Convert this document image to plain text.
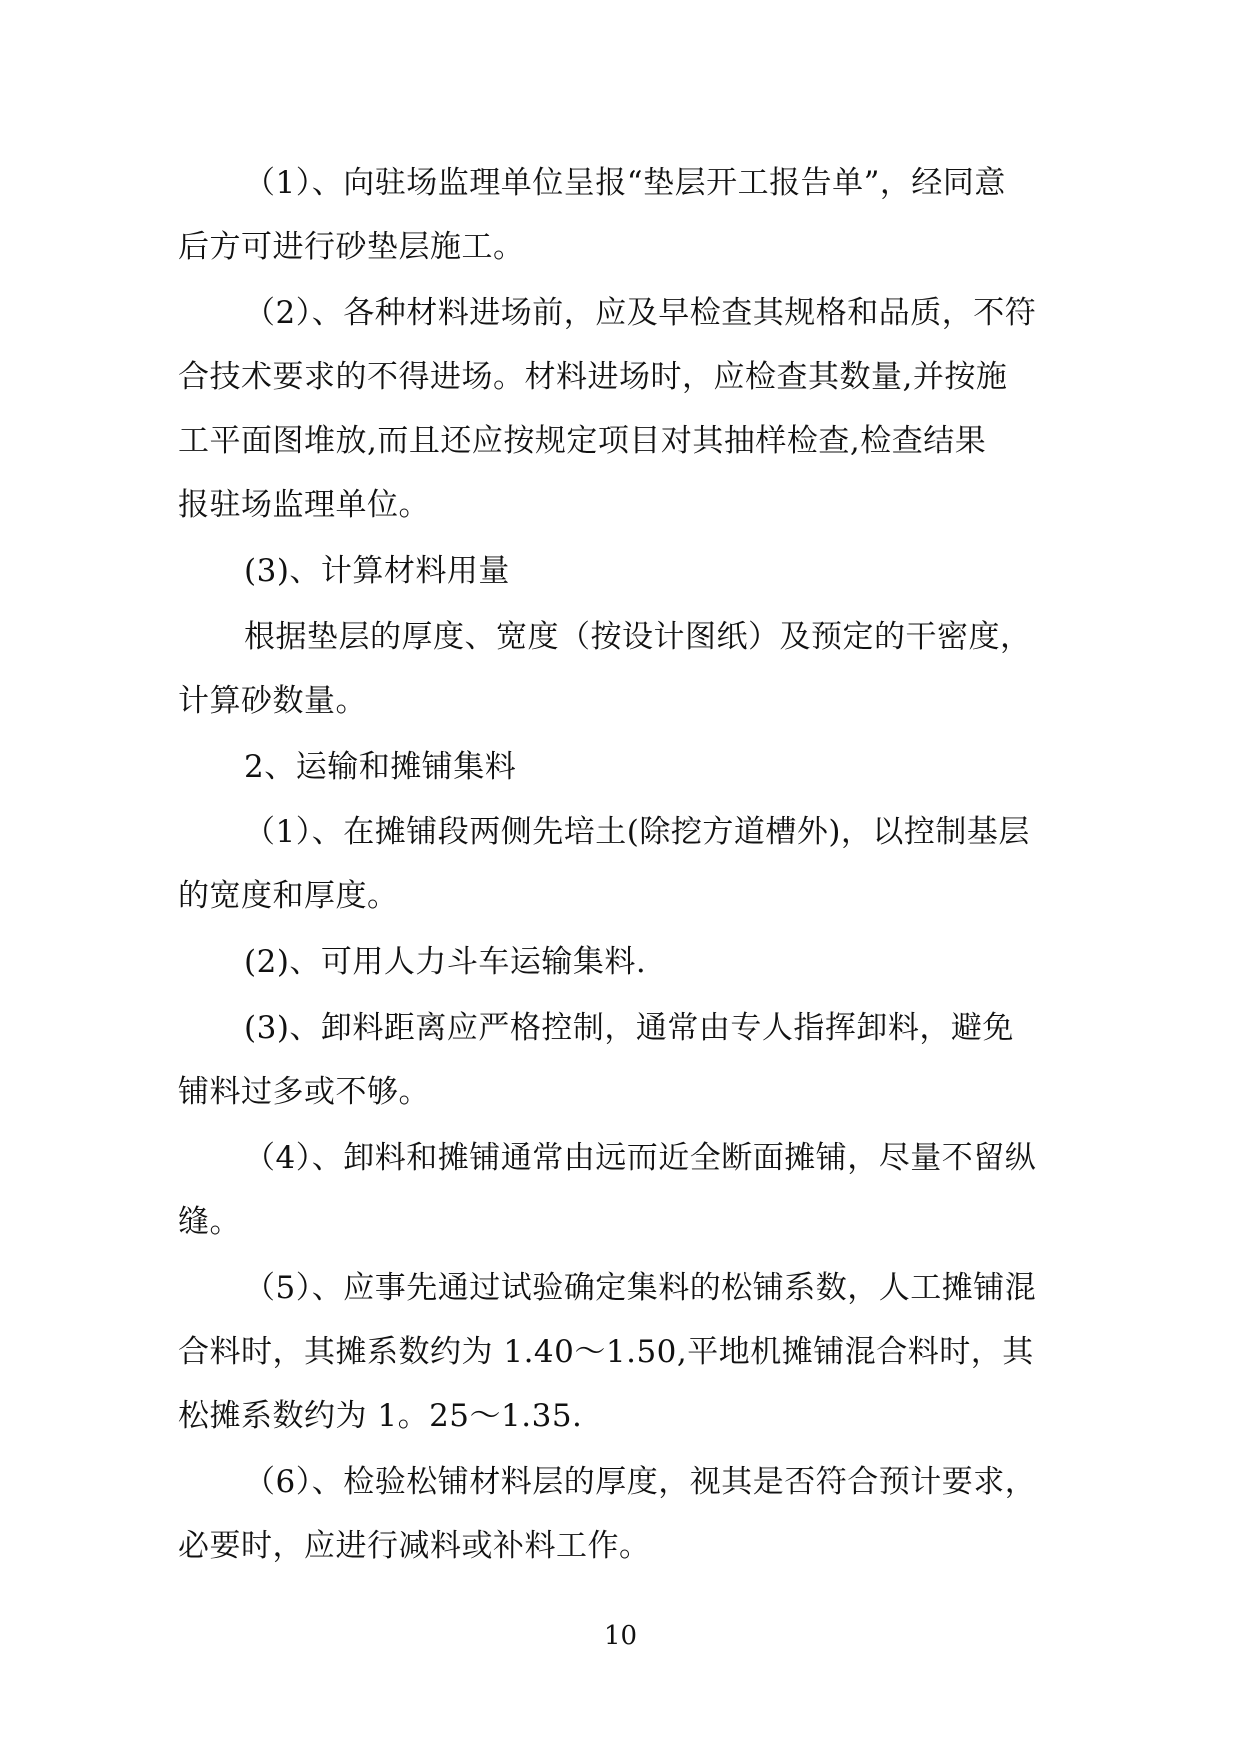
（1）、向驻场监理单位呈报“垫层开工报告单”，经同意
后方可进行砂垫层施工。
（2）、各种材料进场前，应及早检查其规格和品质，不符
合技术要求的不得进场。材料进场时，应检查其数量,并按施
工平面图堆放,而且还应按规定项目对其抽样检查,检查结果
报驻场监理单位。
(3)、计算材料用量
根据垫层的厚度、宽度（按设计图纸）及预定的干密度，
计算砂数量。
2、运输和摊铺集料
（1）、在摊铺段两侧先培土(除挖方道槽外)，以控制基层
的宽度和厚度。
(2)、可用人力斗车运输集料.
(3)、卸料距离应严格控制，通常由专人指挥卸料，避免
铺料过多或不够。
（4）、卸料和摊铺通常由远而近全断面摊铺，尽量不留纵
缝。
（5）、应事先通过试验确定集料的松铺系数，人工摊铺混
合料时，其摊系数约为 1.40～1.50,平地机摊铺混合料时，其
松摊系数约为 1。25～1.35.
（6）、检验松铺材料层的厚度，视其是否符合预计要求，
必要时，应进行减料或补料工作。
10
